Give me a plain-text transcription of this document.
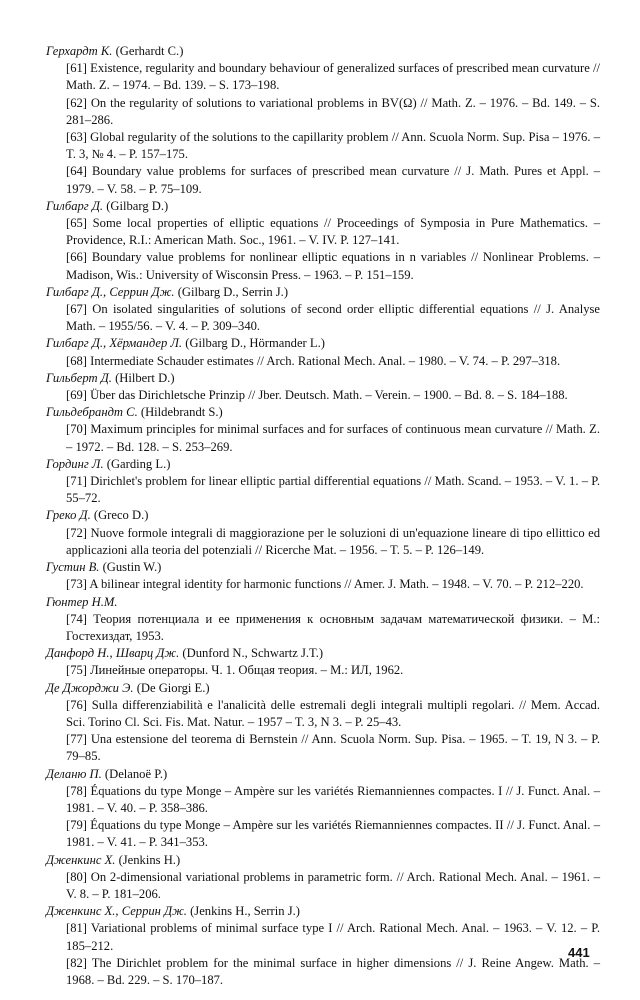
Герхардт К. (Gerhardt C.)

[61] Existence, regularity and boundary behaviour of generalized surfaces of prescribed mean curvature // Math. Z. – 1974. – Bd. 139. – S. 173–198.

[62] On the regularity of solutions to variational problems in BV(Ω) // Math. Z. – 1976. – Bd. 149. – S. 281–286.

[63] Global regularity of the solutions to the capillarity problem // Ann. Scuola Norm. Sup. Pisa – 1976. – T. 3, № 4. – P. 157–175.

[64] Boundary value problems for surfaces of prescribed mean curvature // J. Math. Pures et Appl. – 1979. – V. 58. – P. 75–109.

Гилбарг Д. (Gilbarg D.)

[65] Some local properties of elliptic equations // Proceedings of Symposia in Pure Mathematics. – Providence, R.I.: American Math. Soc., 1961. – V. IV. P. 127–141.

[66] Boundary value problems for nonlinear elliptic equations in n variables // Nonlinear Problems. – Madison, Wis.: University of Wisconsin Press. – 1963. – P. 151–159.

Гилбарг Д., Серрин Дж. (Gilbarg D., Serrin J.)

[67] On isolated singularities of solutions of second order elliptic differential equations // J. Analyse Math. – 1955/56. – V. 4. – P. 309–340.

Гилбарг Д., Хёрмандер Л. (Gilbarg D., Hörmander L.)

[68] Intermediate Schauder estimates // Arch. Rational Mech. Anal. – 1980. – V. 74. – P. 297–318.

Гильберт Д. (Hilbert D.)

[69] Über das Dirichletsche Prinzip // Jber. Deutsch. Math. – Verein. – 1900. – Bd. 8. – S. 184–188.

Гильдебрандт С. (Hildebrandt S.)

[70] Maximum principles for minimal surfaces and for surfaces of continuous mean curvature // Math. Z. – 1972. – Bd. 128. – S. 253–269.

Гординг Л. (Garding L.)

[71] Dirichlet's problem for linear elliptic partial differential equations // Math. Scand. – 1953. – V. 1. – P. 55–72.

Греко Д. (Greco D.)

[72] Nuove formole integrali di maggiorazione per le soluzioni di un'equazione lineare di tipo ellittico ed applicazioni alla teoria del potenziali // Ricerche Mat. – 1956. – T. 5. – P. 126–149.

Густин В. (Gustin W.)

[73] A bilinear integral identity for harmonic functions // Amer. J. Math. – 1948. – V. 70. – P. 212–220.

Гюнтер Н.М.

[74] Теория потенциала и ее применения к основным задачам математической физики. – М.: Гостехиздат, 1953.

Данфорд Н., Шварц Дж. (Dunford N., Schwartz J.T.)

[75] Линейные операторы. Ч. 1. Общая теория. – М.: ИЛ, 1962.

Де Джорджи Э. (De Giorgi E.)

[76] Sulla differenziabilità e l'analicità delle estremali degli integrali multipli regolari. // Mem. Accad. Sci. Torino Cl. Sci. Fis. Mat. Natur. – 1957 – T. 3, N 3. – P. 25–43.

[77] Una estensione del teorema di Bernstein // Ann. Scuola Norm. Sup. Pisa. – 1965. – T. 19, N 3. – P. 79–85.

Деланю П. (Delanoë P.)

[78] Équations du type Monge – Ampère sur les variétés Riemanniennes compactes. I // J. Funct. Anal. – 1981. – V. 40. – P. 358–386.

[79] Équations du type Monge – Ampère sur les variétés Riemanniennes compactes. II // J. Funct. Anal. – 1981. – V. 41. – P. 341–353.

Дженкинс Х. (Jenkins H.)

[80] On 2-dimensional variational problems in parametric form. // Arch. Rational Mech. Anal. – 1961. – V. 8. – P. 181–206.

Дженкинс Х., Серрин Дж. (Jenkins H., Serrin J.)

[81] Variational problems of minimal surface type I // Arch. Rational Mech. Anal. – 1963. – V. 12. – P. 185–212.

[82] The Dirichlet problem for the minimal surface in higher dimensions // J. Reine Angew. Math. – 1968. – Bd. 229. – S. 170–187.

441
